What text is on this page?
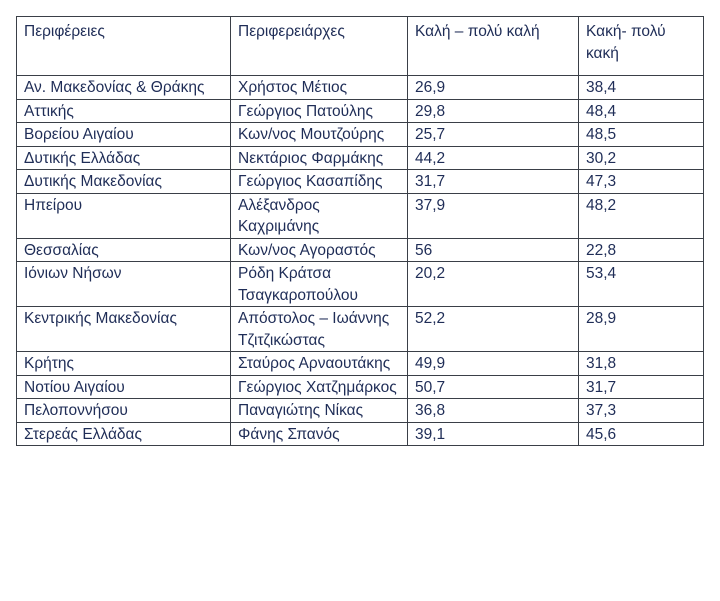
Περιφέρειες	Περιφερειάρχες	Καλή – πολύ καλή	Κακή- πολύ κακή
Αν. Μακεδονίας & Θράκης	Χρήστος Μέτιος	26,9	38,4
Αττικής	Γεώργιος Πατούλης	29,8	48,4
Βορείου Αιγαίου	Κων/νος Μουτζούρης	25,7	48,5
Δυτικής Ελλάδας	Νεκτάριος Φαρμάκης	44,2	30,2
Δυτικής Μακεδονίας	Γεώργιος Κασαπίδης	31,7	47,3
Ηπείρου	Αλέξανδρος Καχριμάνης	37,9	48,2
Θεσσαλίας	Κων/νος Αγοραστός	56	22,8
Ιόνιων Νήσων	Ρόδη Κράτσα Τσαγκαροπούλου	20,2	53,4
Κεντρικής Μακεδονίας	Απόστολος – Ιωάννης Τζιτζικώστας	52,2	28,9
Κρήτης	Σταύρος Αρναουτάκης	49,9	31,8
Νοτίου Αιγαίου	Γεώργιος Χατζημάρκος	50,7	31,7
Πελοποννήσου	Παναγιώτης Νίκας	36,8	37,3
Στερεάς Ελλάδας	Φάνης Σπανός	39,1	45,6
